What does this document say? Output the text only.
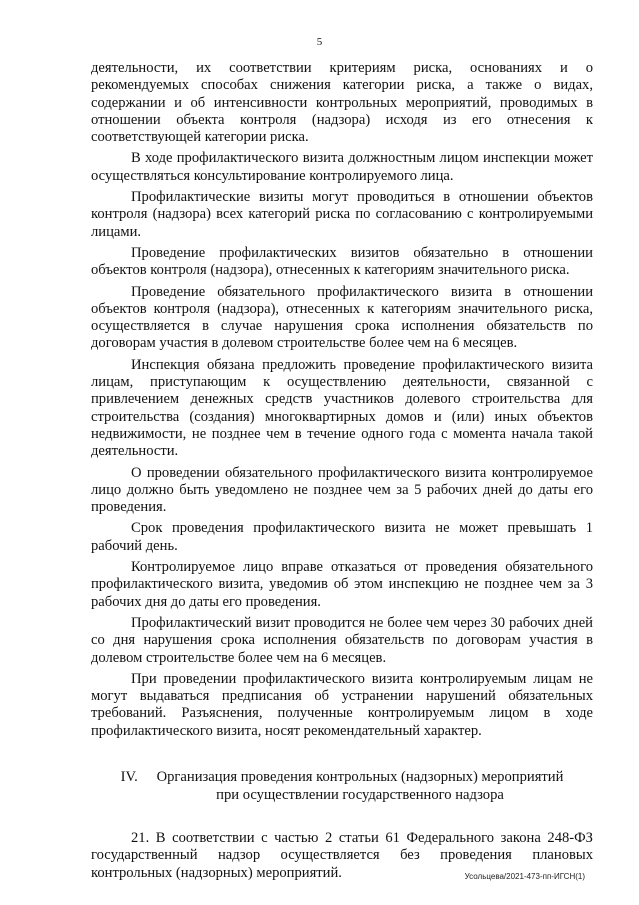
5

деятельности, их соответствии критериям риска, основаниях и о рекомендуемых способах снижения категории риска, а также о видах, содержании и об интенсивности контрольных мероприятий, проводимых в отношении объекта контроля (надзора) исходя из его отнесения к соответствующей категории риска.

В ходе профилактического визита должностным лицом инспекции может осуществляться консультирование контролируемого лица.

Профилактические визиты могут проводиться в отношении объектов контроля (надзора) всех категорий риска по согласованию с контролируемыми лицами.

Проведение профилактических визитов обязательно в отношении объектов контроля (надзора), отнесенных к категориям значительного риска.

Проведение обязательного профилактического визита в отношении объектов контроля (надзора), отнесенных к категориям значительного риска, осуществляется в случае нарушения срока исполнения обязательств по договорам участия в долевом строительстве более чем на 6 месяцев.

Инспекция обязана предложить проведение профилактического визита лицам, приступающим к осуществлению деятельности, связанной с привлечением денежных средств участников долевого строительства для строительства (создания) многоквартирных домов и (или) иных объектов недвижимости, не позднее чем в течение одного года с момента начала такой деятельности.

О проведении обязательного профилактического визита контролируемое лицо должно быть уведомлено не позднее чем за 5 рабочих дней до даты его проведения.

Срок проведения профилактического визита не может превышать 1 рабочий день.

Контролируемое лицо вправе отказаться от проведения обязательного профилактического визита, уведомив об этом инспекцию не позднее чем за 3 рабочих дня до даты его проведения.

Профилактический визит проводится не более чем через 30 рабочих дней со дня нарушения срока исполнения обязательств по договорам участия в долевом строительстве более чем на 6 месяцев.

При проведении профилактического визита контролируемым лицам не могут выдаваться предписания об устранении нарушений обязательных требований. Разъяснения, полученные контролируемым лицом в ходе профилактического визита, носят рекомендательный характер.

IV.	Организация проведения контрольных (надзорных) мероприятий
при осуществлении государственного надзора

21. В соответствии с частью 2 статьи 61 Федерального закона 248-ФЗ государственный надзор осуществляется без проведения плановых контрольных (надзорных) мероприятий.	Усольцева/2021-473-пп-ИГСН(1)
